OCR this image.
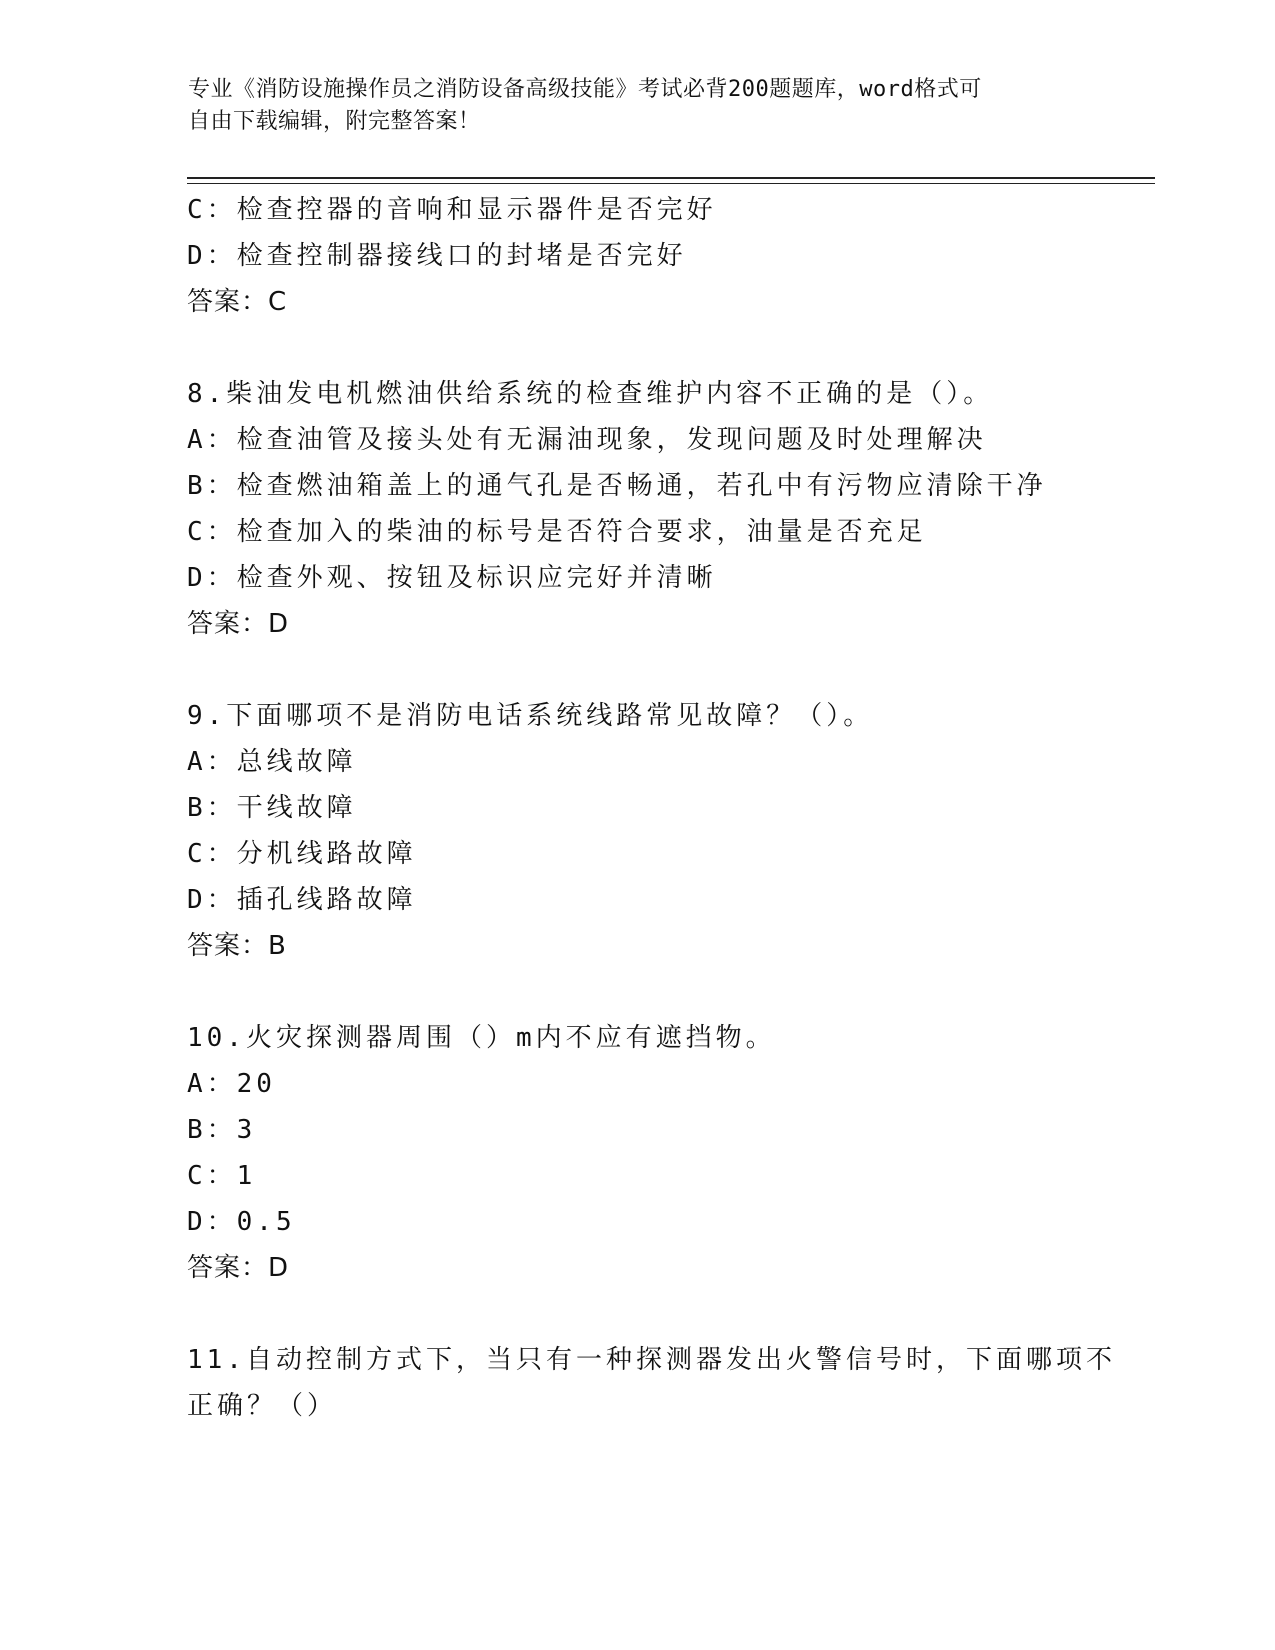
专业《消防设施操作员之消防设备高级技能》考试必背200题题库，word格式可
自由下载编辑，附完整答案！
C：检查控器的音响和显示器件是否完好
D：检查控制器接线口的封堵是否完好
答案：C
8.柴油发电机燃油供给系统的检查维护内容不正确的是（）。
A：检查油管及接头处有无漏油现象，发现问题及时处理解决
B：检查燃油箱盖上的通气孔是否畅通，若孔中有污物应清除干净
C：检查加入的柴油的标号是否符合要求，油量是否充足
D：检查外观、按钮及标识应完好并清晰
答案：D
9.下面哪项不是消防电话系统线路常见故障？（）。
A：总线故障
B：干线故障
C：分机线路故障
D：插孔线路故障
答案：B
10.火灾探测器周围（）m内不应有遮挡物。
A：20
B：3
C：1
D：0.5
答案：D
11.自动控制方式下，当只有一种探测器发出火警信号时，下面哪项不
正确？（）
